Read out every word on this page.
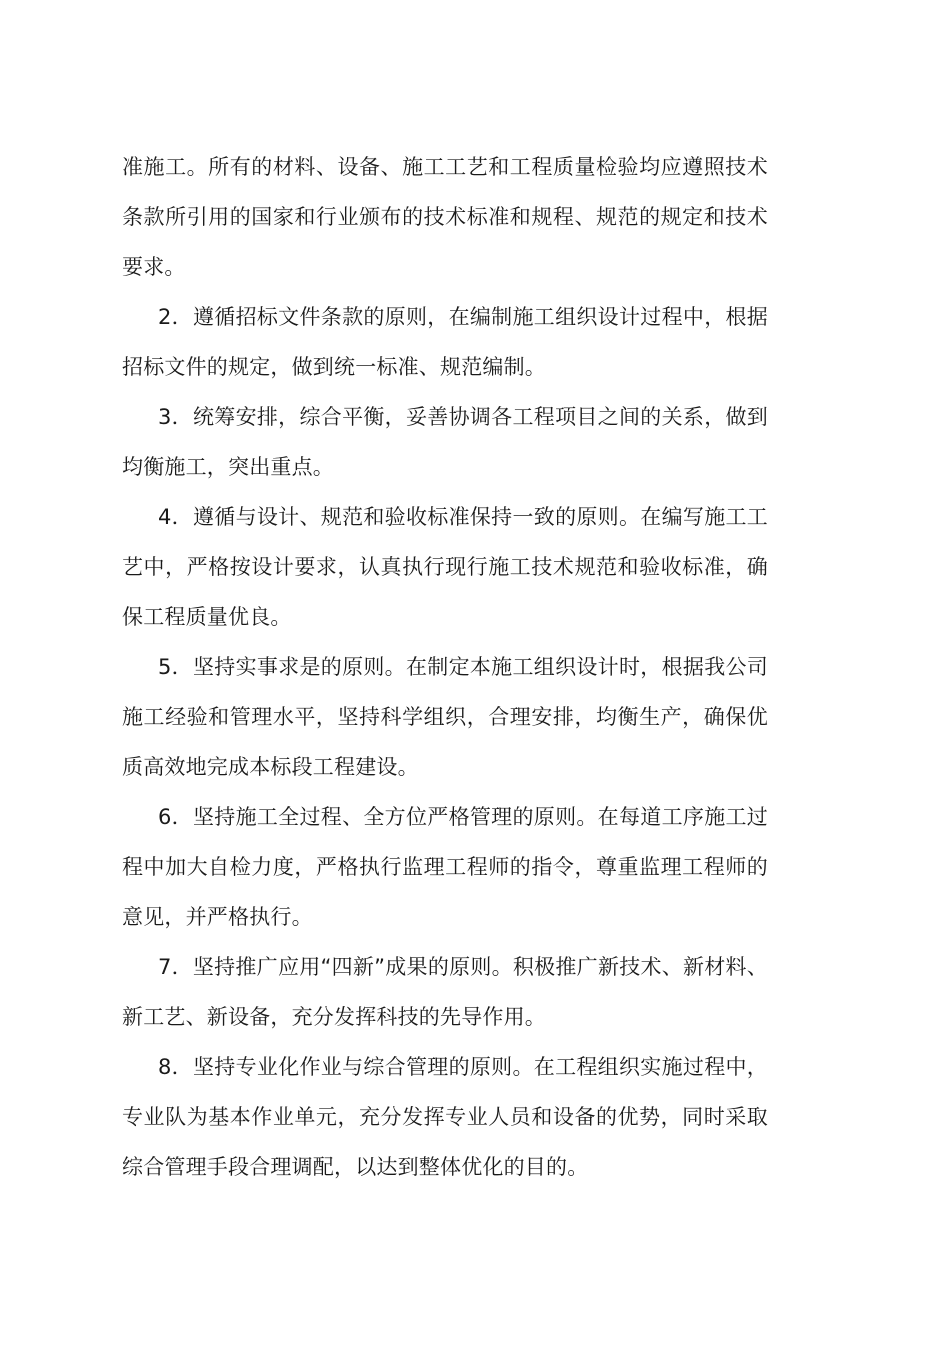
准施工。所有的材料、设备、施工工艺和工程质量检验均应遵照技术条款所引用的国家和行业颁布的技术标准和规程、规范的规定和技术要求。

2．遵循招标文件条款的原则，在编制施工组织设计过程中，根据招标文件的规定，做到统一标准、规范编制。

3．统筹安排，综合平衡，妥善协调各工程项目之间的关系，做到均衡施工，突出重点。

4．遵循与设计、规范和验收标准保持一致的原则。在编写施工工艺中，严格按设计要求，认真执行现行施工技术规范和验收标准，确保工程质量优良。

5．坚持实事求是的原则。在制定本施工组织设计时，根据我公司施工经验和管理水平，坚持科学组织，合理安排，均衡生产，确保优质高效地完成本标段工程建设。

6．坚持施工全过程、全方位严格管理的原则。在每道工序施工过程中加大自检力度，严格执行监理工程师的指令，尊重监理工程师的意见，并严格执行。

7．坚持推广应用“四新”成果的原则。积极推广新技术、新材料、新工艺、新设备，充分发挥科技的先导作用。

8．坚持专业化作业与综合管理的原则。在工程组织实施过程中，专业队为基本作业单元，充分发挥专业人员和设备的优势，同时采取综合管理手段合理调配，以达到整体优化的目的。
